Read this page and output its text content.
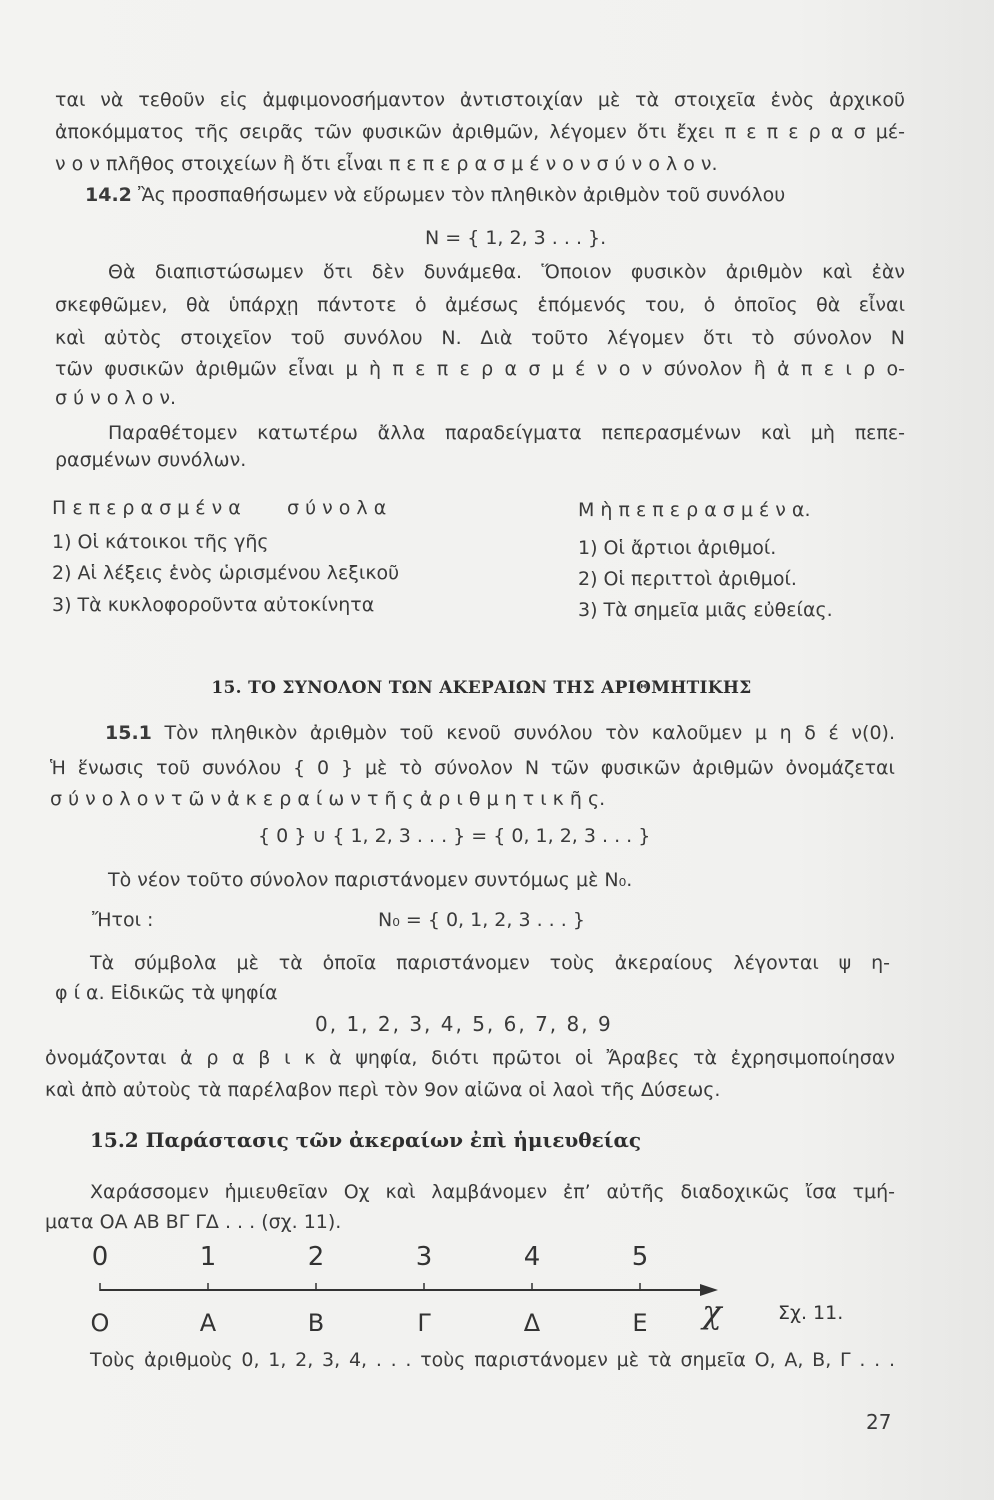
ται νὰ τεθοῦν εἰς ἀμφιμονοσήμαντον ἀντιστοιχίαν μὲ τὰ στοιχεῖα ἑνὸς ἀρχικοῦ
ἀποκόμματος τῆς σειρᾶς τῶν φυσικῶν ἀριθμῶν, λέγομεν ὅτι ἔχει π ε π ε ρ α σ μέ-
ν ο ν πλῆθος στοιχείων ἢ ὅτι εἶναι π ε π ε ρ α σ μ έ ν ο ν σ ύ ν ο λ ο ν.
14.2 Ἂς προσπαθήσωμεν νὰ εὕρωμεν τὸν πληθικὸν ἀριθμὸν τοῦ συνόλου
Ν = { 1, 2, 3 . . . }.
Θὰ διαπιστώσωμεν ὅτι δὲν δυνάμεθα. Ὅποιον φυσικὸν ἀριθμὸν καὶ ἐὰν
σκεφθῶμεν, θὰ ὑπάρχῃ πάντοτε ὁ ἀμέσως ἑπόμενός του, ὁ ὁποῖος θὰ εἶναι
καὶ αὐτὸς στοιχεῖον τοῦ συνόλου Ν. Διὰ τοῦτο λέγομεν ὅτι τὸ σύνολον Ν
τῶν φυσικῶν ἀριθμῶν εἶναι μ ὴ π ε π ε ρ α σ μ έ ν ο ν σύνολον ἢ ἀ π ε ι ρ ο-
σ ύ ν ο λ ο ν.
Παραθέτομεν κατωτέρω ἄλλα παραδείγματα πεπερασμένων καὶ μὴ πεπε-
ρασμένων συνόλων.
Π ε π ε ρ α σ μ έ ν α σ ύ ν ο λ α
1) Οἱ κάτοικοι τῆς γῆς
2) Αἱ λέξεις ἑνὸς ὡρισμένου λεξικοῦ
3) Τὰ κυκλοφοροῦντα αὐτοκίνητα
Μ ὴ π ε π ε ρ α σ μ έ ν α.
1) Οἱ ἄρτιοι ἀριθμοί.
2) Οἱ περιττοὶ ἀριθμοί.
3) Τὰ σημεῖα μιᾶς εὐθείας.
15. ΤΟ ΣΥΝΟΛΟΝ ΤΩΝ ΑΚΕΡΑΙΩΝ ΤΗΣ ΑΡΙΘΜΗΤΙΚΗΣ
15.1 Τὸν πληθικὸν ἀριθμὸν τοῦ κενοῦ συνόλου τὸν καλοῦμεν μ η δ έ ν(0).
Ἡ ἕνωσις τοῦ συνόλου { 0 } μὲ τὸ σύνολον Ν τῶν φυσικῶν ἀριθμῶν ὀνομάζεται
σ ύ ν ο λ ο ν τ ῶ ν ἀ κ ε ρ α ί ω ν τ ῆ ς ἀ ρ ι θ μ η τ ι κ ῆ ς.
{ 0 } ∪ { 1, 2, 3 . . . } = { 0, 1, 2, 3 . . . }
Τὸ νέον τοῦτο σύνολον παριστάνομεν συντόμως μὲ Ν₀.
Ἤτοι :	Ν₀ = { 0, 1, 2, 3 . . . }
Τὰ σύμβολα μὲ τὰ ὁποῖα παριστάνομεν τοὺς ἀκεραίους λέγονται ψ η-
φ ί α. Εἰδικῶς τὰ ψηφία
0, 1, 2, 3, 4, 5, 6, 7, 8, 9
ὀνομάζονται ἀ ρ α β ι κ ὰ ψηφία, διότι πρῶτοι οἱ Ἄραβες τὰ ἐχρησιμοποίησαν
καὶ ἀπὸ αὐτοὺς τὰ παρέλαβον περὶ τὸν 9ον αἰῶνα οἱ λαοὶ τῆς Δύσεως.
15.2 Παράστασις τῶν ἀκεραίων ἐπὶ ἡμιευθείας
Χαράσσομεν ἡμιευθεῖαν Οχ καὶ λαμβάνομεν ἐπ’ αὐτῆς διαδοχικῶς ἴσα τμή-
ματα ΟΑ ΑΒ ΒΓ ΓΔ . . . (σχ. 11).
χ	Σχ. 11.
0	1	2	3	4	5
Ο	Α	Β	Γ	Δ	Ε
Τοὺς ἀριθμοὺς 0, 1, 2, 3, 4, . . . τοὺς παριστάνομεν μὲ τὰ σημεῖα Ο, Α, Β, Γ . . .
27
